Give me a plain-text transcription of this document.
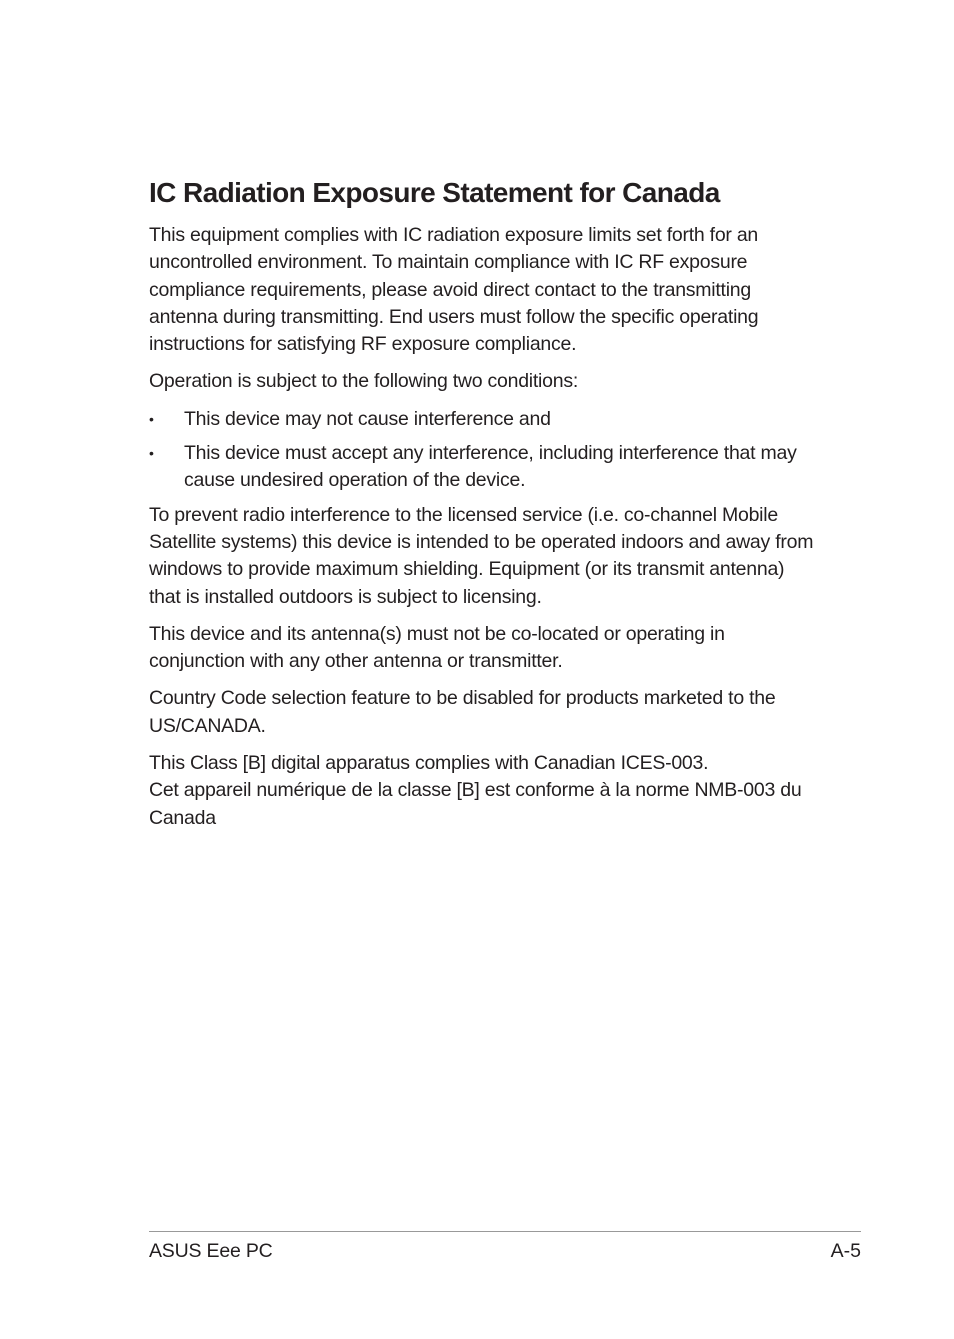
IC Radiation Exposure Statement for Canada

This equipment complies with IC radiation exposure limits set forth for an uncontrolled environment. To maintain compliance with IC RF exposure compliance requirements, please avoid direct contact to the transmitting antenna during transmitting. End users must follow the specific operating instructions for satisfying RF exposure compliance.

Operation is subject to the following two conditions:

• This device may not cause interference and
• This device must accept any interference, including interference that may cause undesired operation of the device.

To prevent radio interference to the licensed service (i.e. co-channel Mobile Satellite systems) this device is intended to be operated indoors and away from windows to provide maximum shielding. Equipment (or its transmit antenna) that is installed outdoors is subject to licensing.

This device and its antenna(s) must not be co-located or operating in conjunction with any other antenna or transmitter.

Country Code selection feature to be disabled for products marketed to the US/CANADA.

This Class [B] digital apparatus complies with Canadian ICES-003.
Cet appareil numérique de la classe [B] est conforme à la norme NMB-003 du Canada

ASUS Eee PC	A-5
